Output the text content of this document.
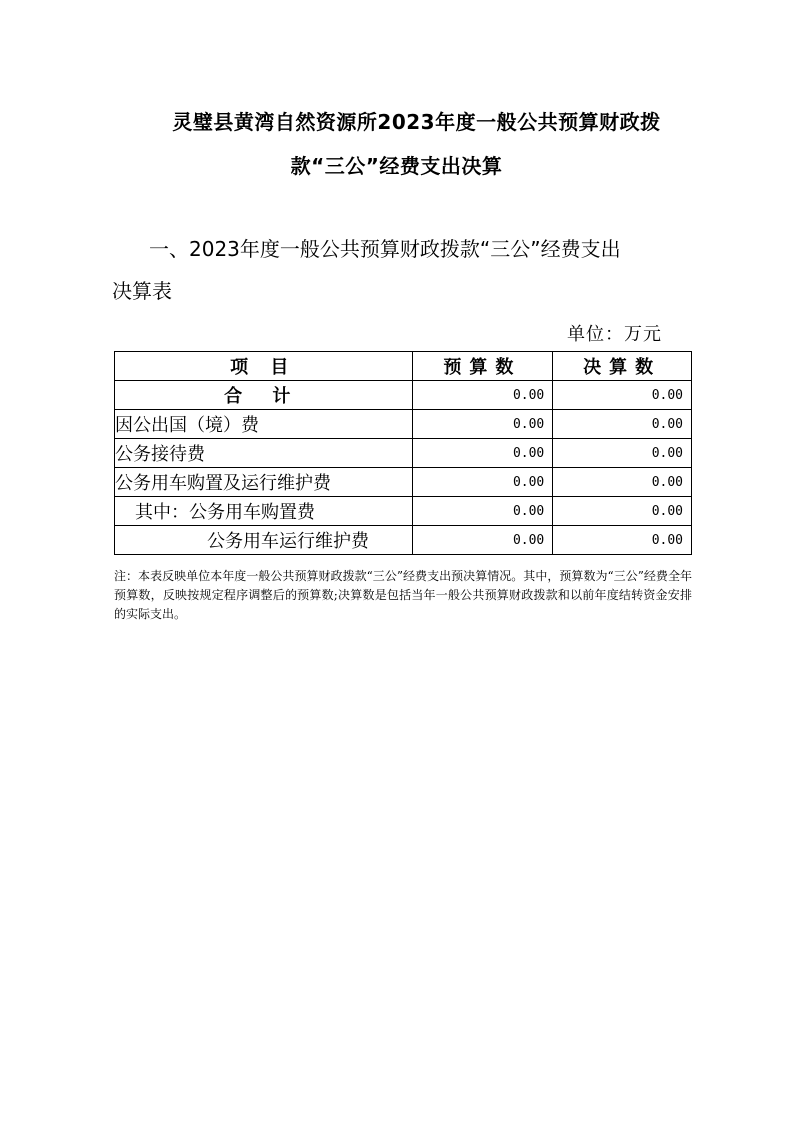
灵璧县黄湾自然资源所2023年度一般公共预算财政拨
款“三公”经费支出决算
一、2023年度一般公共预算财政拨款“三公”经费支出
决算表
单位：万元
项 目	预算数	决算数
合 计	0.00	0.00
因公出国（境）费	0.00	0.00
公务接待费	0.00	0.00
公务用车购置及运行维护费	0.00	0.00
其中：公务用车购置费	0.00	0.00
公务用车运行维护费	0.00	0.00
注：本表反映单位本年度一般公共预算财政拨款“三公”经费支出预决算情况。其中，预算数为“三公”经费全年预算数，反映按规定程序调整后的预算数;决算数是包括当年一般公共预算财政拨款和以前年度结转资金安排的实际支出。
